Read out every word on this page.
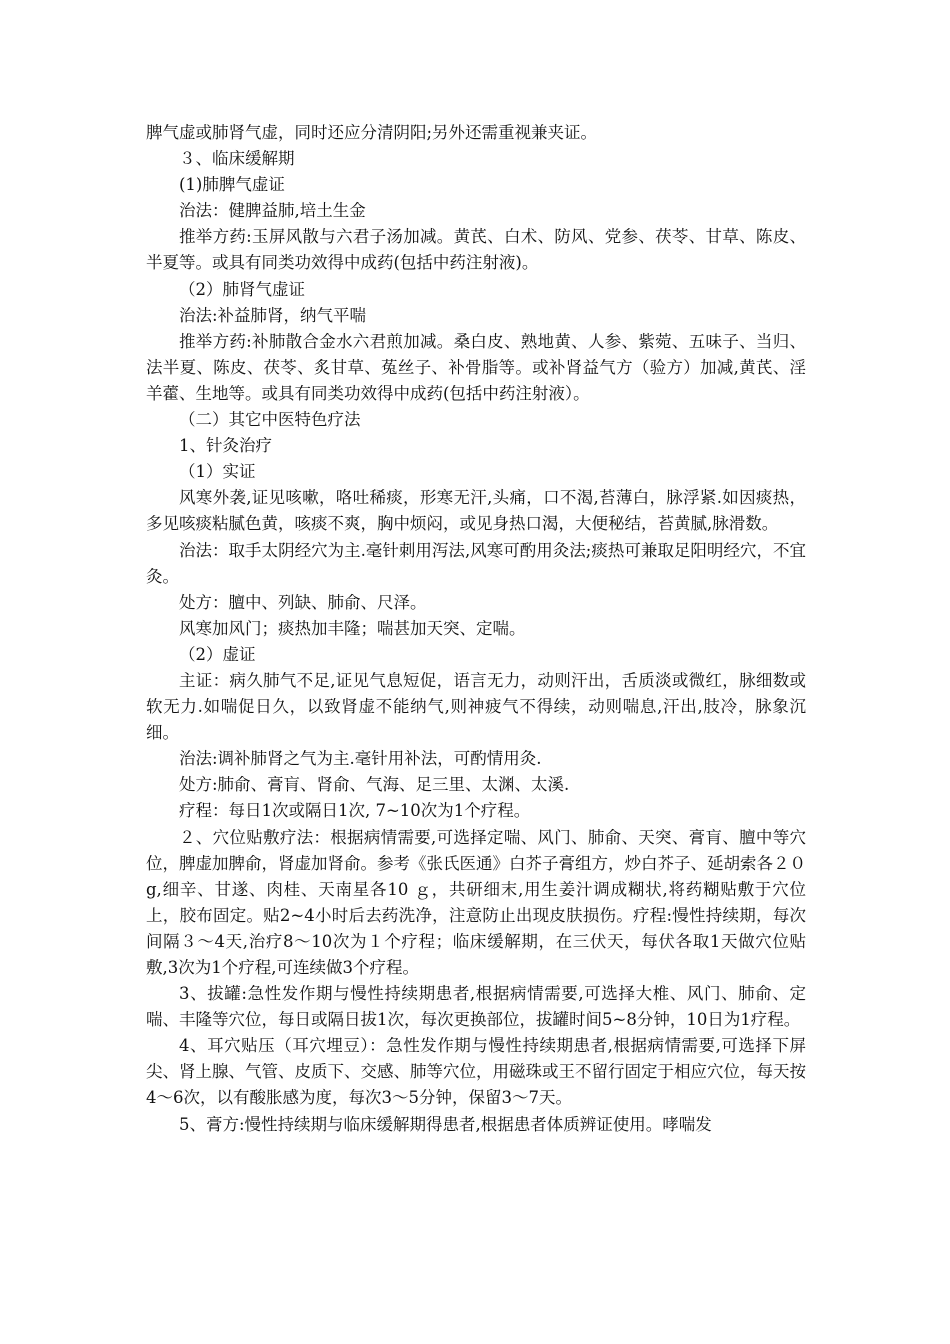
脾气虚或肺肾气虚，同时还应分清阴阳;另外还需重视兼夹证。

３、临床缓解期

(1)肺脾气虚证

治法：健脾益肺,培土生金

推举方药:玉屏风散与六君子汤加减。黄芪、白术、防风、党参、茯苓、甘草、陈皮、半夏等。或具有同类功效得中成药(包括中药注射液)。

（2）肺肾气虚证

治法:补益肺肾，纳气平喘

推举方药:补肺散合金水六君煎加减。桑白皮、熟地黄、人参、紫菀、五味子、当归、法半夏、陈皮、茯苓、炙甘草、菟丝子、补骨脂等。或补肾益气方（验方）加减,黄芪、淫羊藿、生地等。或具有同类功效得中成药(包括中药注射液）。

（二）其它中医特色疗法

1、针灸治疗

（1）实证

风寒外袭,证见咳嗽，咯吐稀痰，形寒无汗,头痛，口不渴,苔薄白，脉浮紧.如因痰热，多见咳痰粘腻色黄，咳痰不爽，胸中烦闷，或见身热口渴，大便秘结，苔黄腻,脉滑数。

治法：取手太阴经穴为主.毫针刺用泻法,风寒可酌用灸法;痰热可兼取足阳明经穴，不宜灸。

处方：膻中、列缺、肺俞、尺泽。

风寒加风门；痰热加丰隆；喘甚加天突、定喘。

（2）虚证

主证：病久肺气不足,证见气息短促，语言无力，动则汗出，舌质淡或微红，脉细数或软无力.如喘促日久，以致肾虚不能纳气,则神疲气不得续，动则喘息,汗出,肢冷，脉象沉细。

治法:调补肺肾之气为主.毫针用补法，可酌情用灸.

处方:肺俞、膏肓、肾俞、气海、足三里、太渊、太溪.

疗程：每日1次或隔日1次, 7~10次为1个疗程。

２、穴位贴敷疗法：根据病情需要,可选择定喘、风门、肺俞、天突、膏肓、膻中等穴位，脾虚加脾俞，肾虚加肾俞。参考《张氏医通》白芥子膏组方，炒白芥子、延胡索各２０ g,细辛、甘遂、肉桂、天南星各10 ｇ，共研细末,用生姜汁调成糊状,将药糊贴敷于穴位上，胶布固定。贴2~4小时后去药洗净，注意防止出现皮肤损伤。疗程:慢性持续期，每次间隔３～4天,治疗8～10次为１个疗程；临床缓解期，在三伏天，每伏各取1天做穴位贴敷,3次为1个疗程,可连续做3个疗程。

3、拔罐:急性发作期与慢性持续期患者,根据病情需要,可选择大椎、风门、肺俞、定喘、丰隆等穴位，每日或隔日拔1次，每次更换部位，拔罐时间5~8分钟，10日为1疗程。

4、耳穴贴压（耳穴埋豆）：急性发作期与慢性持续期患者,根据病情需要,可选择下屏尖、肾上腺、气管、皮质下、交感、肺等穴位，用磁珠或王不留行固定于相应穴位，每天按4～6次，以有酸胀感为度，每次3～5分钟，保留3～7天。

5、膏方:慢性持续期与临床缓解期得患者,根据患者体质辨证使用。哮喘发
